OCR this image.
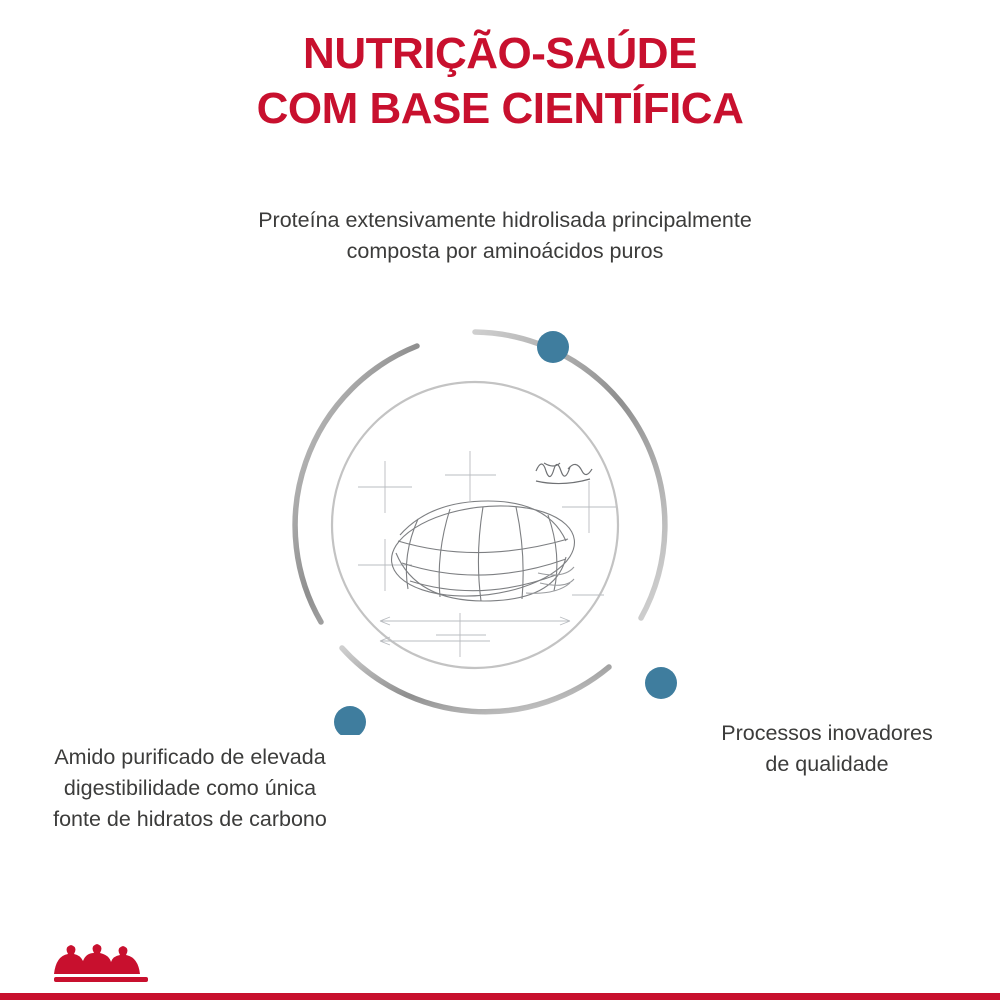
NUTRIÇÃO-SAÚDE
COM BASE CIENTÍFICA
Proteína extensivamente hidrolisada principalmente composta por aminoácidos puros
Amido purificado de elevada digestibilidade como única fonte de hidratos de carbono
Processos inovadores de qualidade
